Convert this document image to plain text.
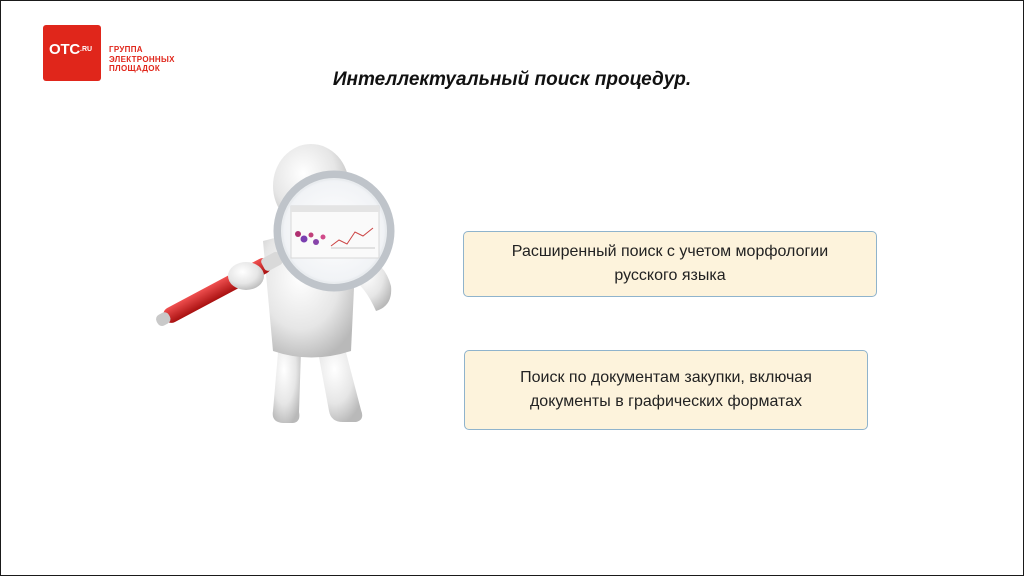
OTC .RU ГРУППА
ЭЛЕКТРОННЫХ
ПЛОЩАДОК
Интеллектуальный поиск процедур.
Расширенный поиск с учетом морфологии
русского языка
Поиск по документам закупки, включая
документы в графических форматах
